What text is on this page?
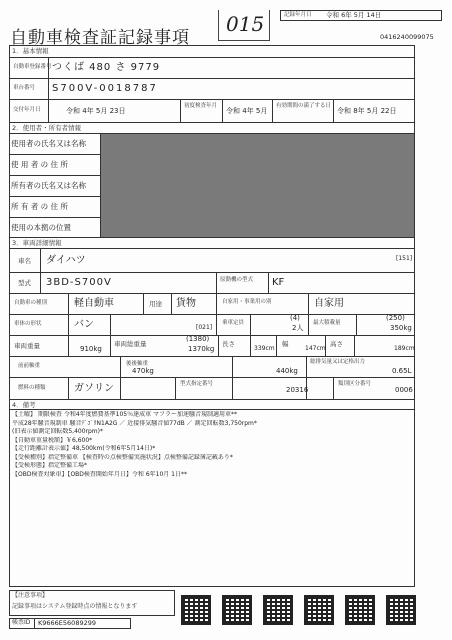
自動車検査証記録事項
015	記録年月日 令和 6年 5月 14日
0416240099075
1．基本情報
自動車登録番号 つくば 480 さ 9779
車台番号 S700V-0018787
交付年月日	令和 4年 5月 23日
初度検査年月
令和 4年 5月
有効期間の満了する日
令和 8年 5月 22日
2．使用者・所有者情報
使用者の氏名又は名称
使 用 者 の 住 所
所有者の氏名又は名称
所 有 者 の 住 所
使用の本拠の位置
3．車両詳細情報
車名 ダイハツ	[151]
型式 3BD-S700V	原動機の型式 KF
自動車の種別	軽自動車	用途 貨物	自家用・事業用の別	自家用
車体の形状	バン	[021]
乗車定員
(4)
2人
最大積載量
(250)
350kg
車両重量	910kg
車両総重量
(1380)
1370kg
長さ
339cm
幅
147cm
高さ
189cm
前前軸重
470kg
後後軸重
440kg
総排気量又は定格出力
0.65L
燃料の種類	ガソリン	型式指定番号
20316
類別区分番号
0006
4．備考
【土曜】 期限検査 令和4年度燃費基準105％達成車 マフラー加速騒音規制適用車**
平成28年騒音規制車 騒音ﾃﾞｺﾞﾘN1A2G ／ 近接排気騒音値77dB ／ 測定回転数3,750rpm*
(旧表示値測定回転数5,400rpm)*
【自動車重量税額】￥6,600*
【走行距離計表示値】48,500km(令和6年5月14日)*
【受検種別】指定整備車 【検査時の点検整備実施状況】点検整備記録簿記載あり*
【受検形態】指定整備工場*
【OBD検査対象車】【OBD検査開始年月日】令和 6年10月 1日**
【注意事項】
記録事項はシステム登録時点の情報となります
帳票ID K9666E56089299
